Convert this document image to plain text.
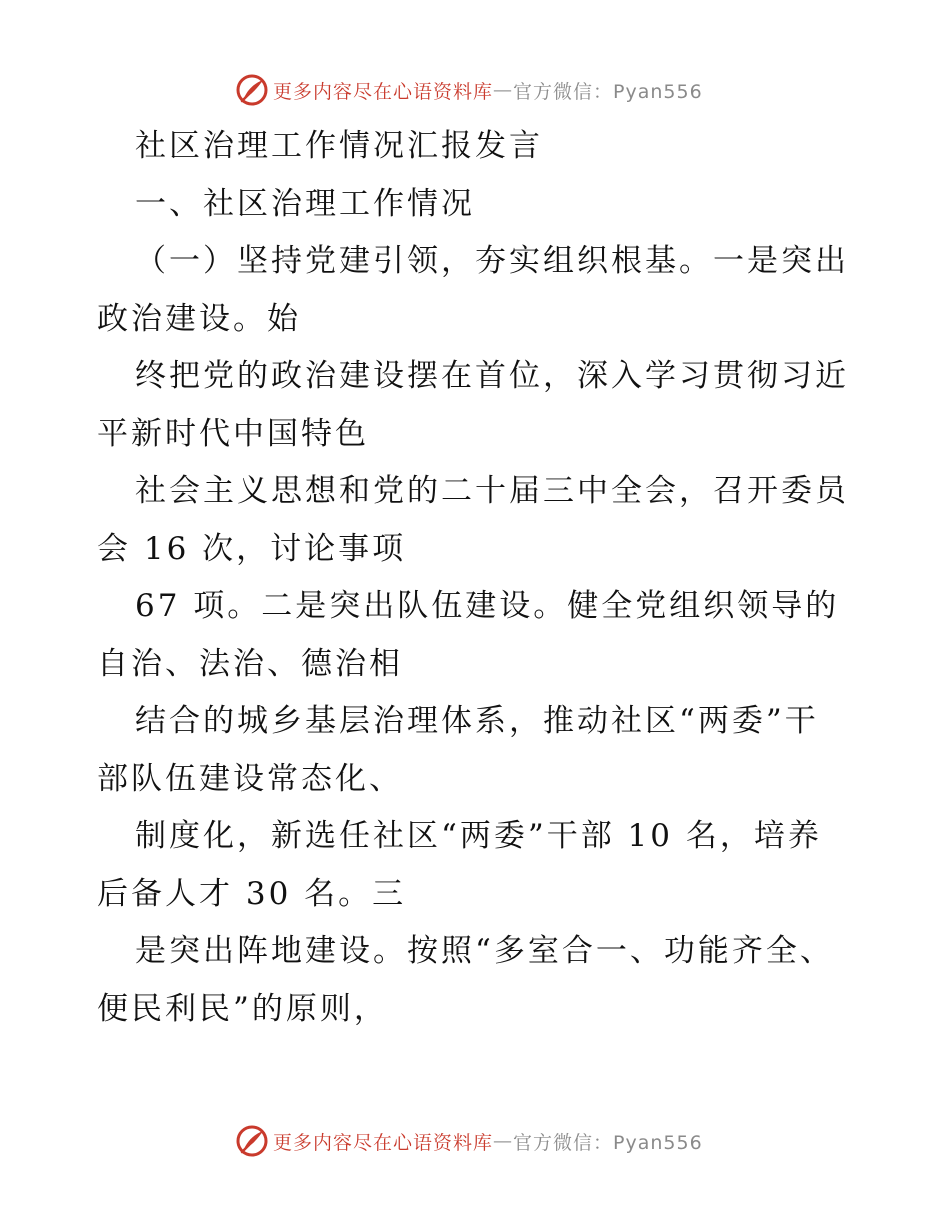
更多内容尽在心语资料库 — 官方微信：Pyan556
社区治理工作情况汇报发言
一、社区治理工作情况
（一）坚持党建引领，夯实组织根基。一是突出
政治建设。始
终把党的政治建设摆在首位，深入学习贯彻习近
平新时代中国特色
社会主义思想和党的二十届三中全会，召开委员
会 16 次，讨论事项
67 项。二是突出队伍建设。健全党组织领导的
自治、法治、德治相
结合的城乡基层治理体系，推动社区“两委”干
部队伍建设常态化、
制度化，新选任社区“两委”干部 10 名，培养
后备人才 30 名。三
是突出阵地建设。按照“多室合一、功能齐全、
便民利民”的原则，
更多内容尽在心语资料库 — 官方微信：Pyan556
